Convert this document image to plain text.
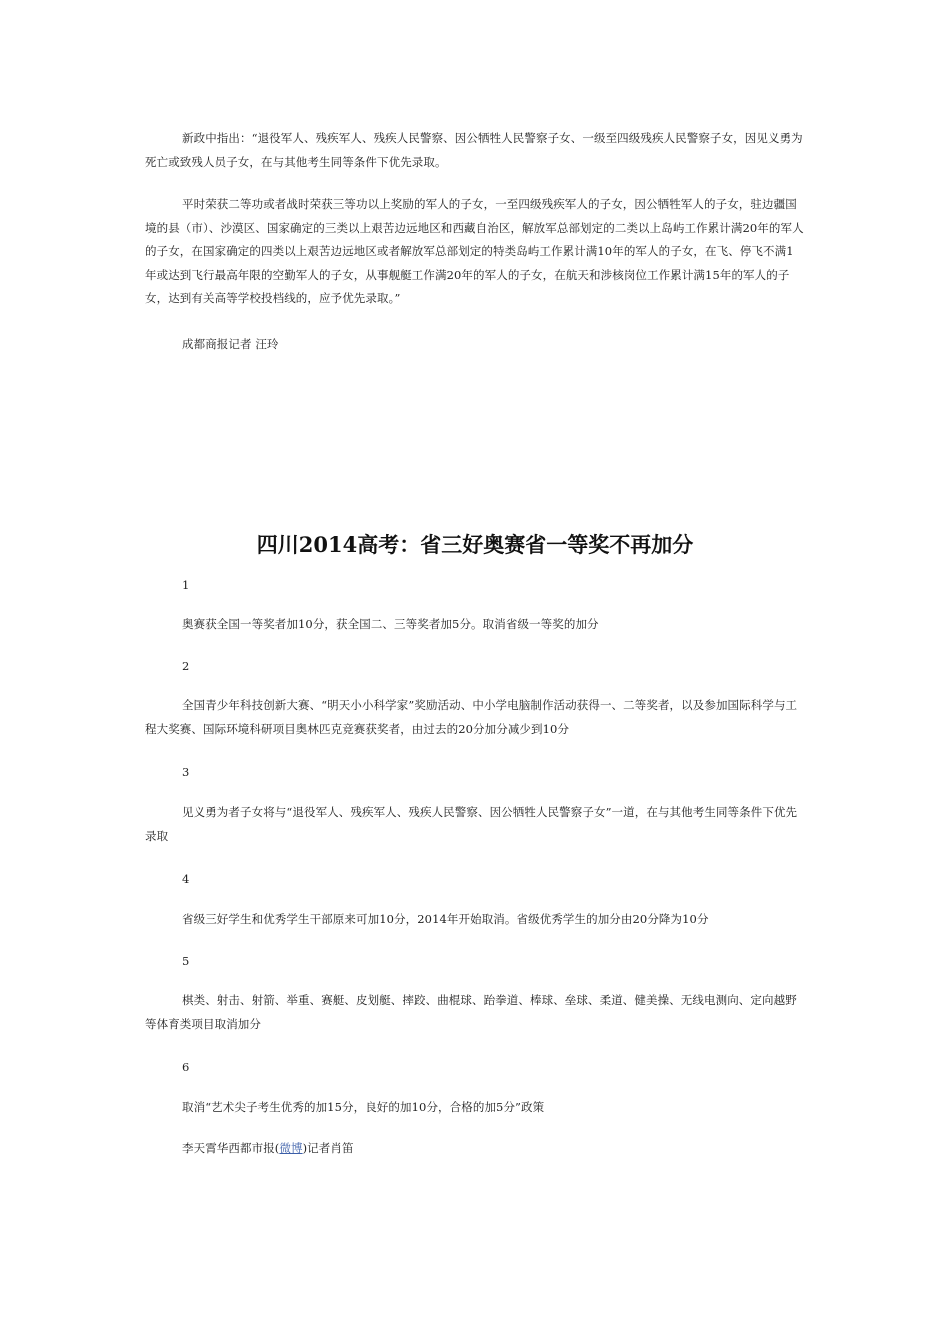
新政中指出：“退役军人、残疾军人、残疾人民警察、因公牺牲人民警察子女、一级至四级残疾人民警察子女，因见义勇为死亡或致残人员子女，在与其他考生同等条件下优先录取。

平时荣获二等功或者战时荣获三等功以上奖励的军人的子女，一至四级残疾军人的子女，因公牺牲军人的子女，驻边疆国境的县（市）、沙漠区、国家确定的三类以上艰苦边远地区和西藏自治区，解放军总部划定的二类以上岛屿工作累计满20年的军人的子女，在国家确定的四类以上艰苦边远地区或者解放军总部划定的特类岛屿工作累计满10年的军人的子女，在飞、停飞不满1年或达到飞行最高年限的空勤军人的子女，从事舰艇工作满20年的军人的子女，在航天和涉核岗位工作累计满15年的军人的子女，达到有关高等学校投档线的，应予优先录取。”

成都商报记者 汪玲

四川2014高考：省三好奥赛省一等奖不再加分

1

奥赛获全国一等奖者加10分，获全国二、三等奖者加5分。取消省级一等奖的加分

2

全国青少年科技创新大赛、“明天小小科学家”奖励活动、中小学电脑制作活动获得一、二等奖者，以及参加国际科学与工程大奖赛、国际环境科研项目奥林匹克竞赛获奖者，由过去的20分加分减少到10分

3

见义勇为者子女将与“退役军人、残疾军人、残疾人民警察、因公牺牲人民警察子女”一道，在与其他考生同等条件下优先录取

4

省级三好学生和优秀学生干部原来可加10分，2014年开始取消。省级优秀学生的加分由20分降为10分

5

棋类、射击、射箭、举重、赛艇、皮划艇、摔跤、曲棍球、跆拳道、棒球、垒球、柔道、健美操、无线电测向、定向越野等体育类项目取消加分

6

取消“艺术尖子考生优秀的加15分，良好的加10分，合格的加5分”政策

李天霄华西都市报(微博)记者肖笛
